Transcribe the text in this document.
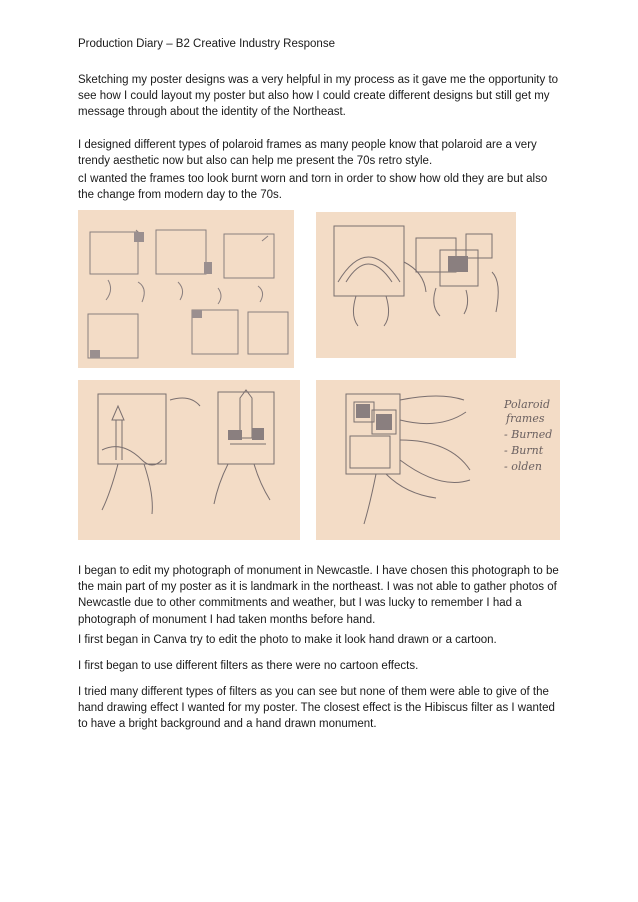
Production Diary – B2 Creative Industry Response

Sketching my poster designs was a very helpful in my process as it gave me the opportunity to see how I could layout my poster but also how I could create different designs but still get my message through about the identity of the Northeast.

I designed different types of polaroid frames as many people know that polaroid are a very trendy aesthetic now but also can help me present the 70s retro style.

cI wanted the frames too look burnt worn and torn in order to show how old they are but also the change from modern day to the 70s.

Polaroid
frames
- Burned
- Burnt
- olden

I began to edit my photograph of monument in Newcastle. I have chosen this photograph to be the main part of my poster as it is landmark in the northeast. I was not able to gather photos of Newcastle due to other commitments and weather, but I was lucky to remember I had a photograph of monument I had taken months before hand.

I first began in Canva try to edit the photo to make it look hand drawn or a cartoon.

I first began to use different filters as there were no cartoon effects.

I tried many different types of filters as you can see but none of them were able to give of the hand drawing effect I wanted for my poster. The closest effect is the Hibiscus filter as I wanted to have a bright background and a hand drawn monument.
